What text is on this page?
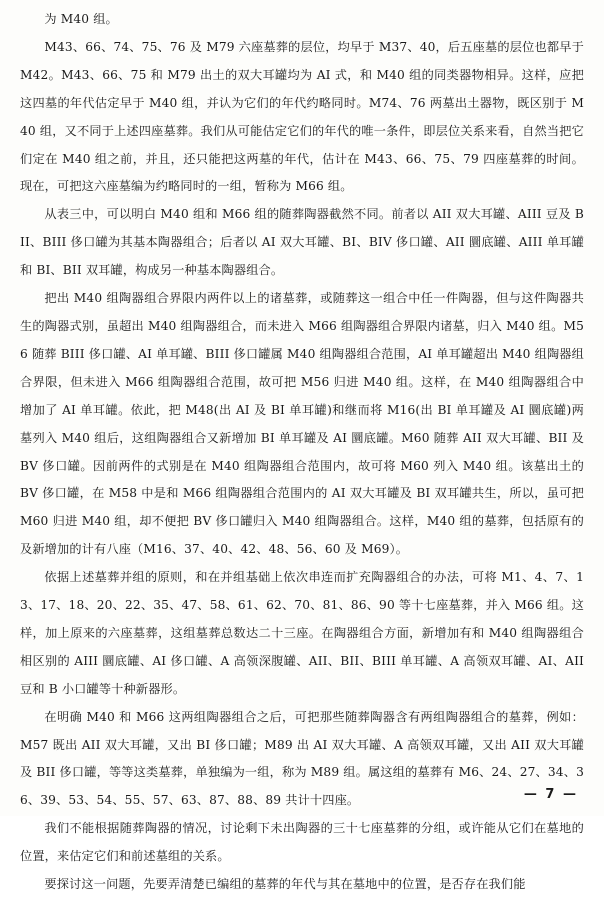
为 M40 组。

M43、66、74、75、76 及 M79 六座墓葬的层位，均早于 M37、40，后五座墓的层位也都早于 M42。M43、66、75 和 M79 出土的双大耳罐均为 AI 式，和 M40 组的同类器物相异。这样，应把这四墓的年代估定早于 M40 组，并认为它们的年代约略同时。M74、76 两墓出土器物，既区别于 M40 组，又不同于上述四座墓葬。我们从可能估定它们的年代的唯一条件，即层位关系来看，自然当把它们定在 M40 组之前，并且，还只能把这两墓的年代，估计在 M43、66、75、79 四座墓葬的时间。现在，可把这六座墓编为约略同时的一组，暂称为 M66 组。

从表三中，可以明白 M40 组和 M66 组的随葬陶器截然不同。前者以 AII 双大耳罐、AIII 豆及 BII、BIII 侈口罐为其基本陶器组合；后者以 AI 双大耳罐、BI、BIV 侈口罐、AII 圜底罐、AIII 单耳罐和 BI、BII 双耳罐，构成另一种基本陶器组合。

把出 M40 组陶器组合界限内两件以上的诸墓葬，或随葬这一组合中任一件陶器，但与这件陶器共生的陶器式别，虽超出 M40 组陶器组合，而未进入 M66 组陶器组合界限内诸墓，归入 M40 组。M56 随葬 BIII 侈口罐、AI 单耳罐、BIII 侈口罐属 M40 组陶器组合范围，AI 单耳罐超出 M40 组陶器组合界限，但未进入 M66 组陶器组合范围，故可把 M56 归进 M40 组。这样，在 M40 组陶器组合中增加了 AI 单耳罐。依此，把 M48(出 AI 及 BI 单耳罐)和继而将 M16(出 BI 单耳罐及 AI 圜底罐)两墓列入 M40 组后，这组陶器组合又新增加 BI 单耳罐及 AI 圜底罐。M60 随葬 AII 双大耳罐、BII 及 BV 侈口罐。因前两件的式别是在 M40 组陶器组合范围内，故可将 M60 列入 M40 组。该墓出土的 BV 侈口罐，在 M58 中是和 M66 组陶器组合范围内的 AI 双大耳罐及 BI 双耳罐共生，所以，虽可把 M60 归进 M40 组，却不便把 BV 侈口罐归入 M40 组陶器组合。这样，M40 组的墓葬，包括原有的及新增加的计有八座（M16、37、40、42、48、56、60 及 M69）。

依据上述墓葬并组的原则，和在并组基础上依次串连而扩充陶器组合的办法，可将 M1、4、7、13、17、18、20、22、35、47、58、61、62、70、81、86、90 等十七座墓葬，并入 M66 组。这样，加上原来的六座墓葬，这组墓葬总数达二十三座。在陶器组合方面，新增加有和 M40 组陶器组合相区别的 AIII 圜底罐、AI 侈口罐、A 高领深腹罐、AII、BII、BIII 单耳罐、A 高领双耳罐、AI、AII 豆和 B 小口罐等十种新器形。

在明确 M40 和 M66 这两组陶器组合之后，可把那些随葬陶器含有两组陶器组合的墓葬，例如：M57 既出 AII 双大耳罐，又出 BI 侈口罐；M89 出 AI 双大耳罐、A 高领双耳罐，又出 AII 双大耳罐及 BII 侈口罐，等等这类墓葬，单独编为一组，称为 M89 组。属这组的墓葬有 M6、24、27、34、36、39、53、54、55、57、63、87、88、89 共计十四座。

我们不能根据随葬陶器的情况，讨论剩下未出陶器的三十七座墓葬的分组，或许能从它们在墓地的位置，来估定它们和前述墓组的关系。

要探讨这一问题，先要弄清楚已编组的墓葬的年代与其在墓地中的位置，是否存在我们能

— 7 —
